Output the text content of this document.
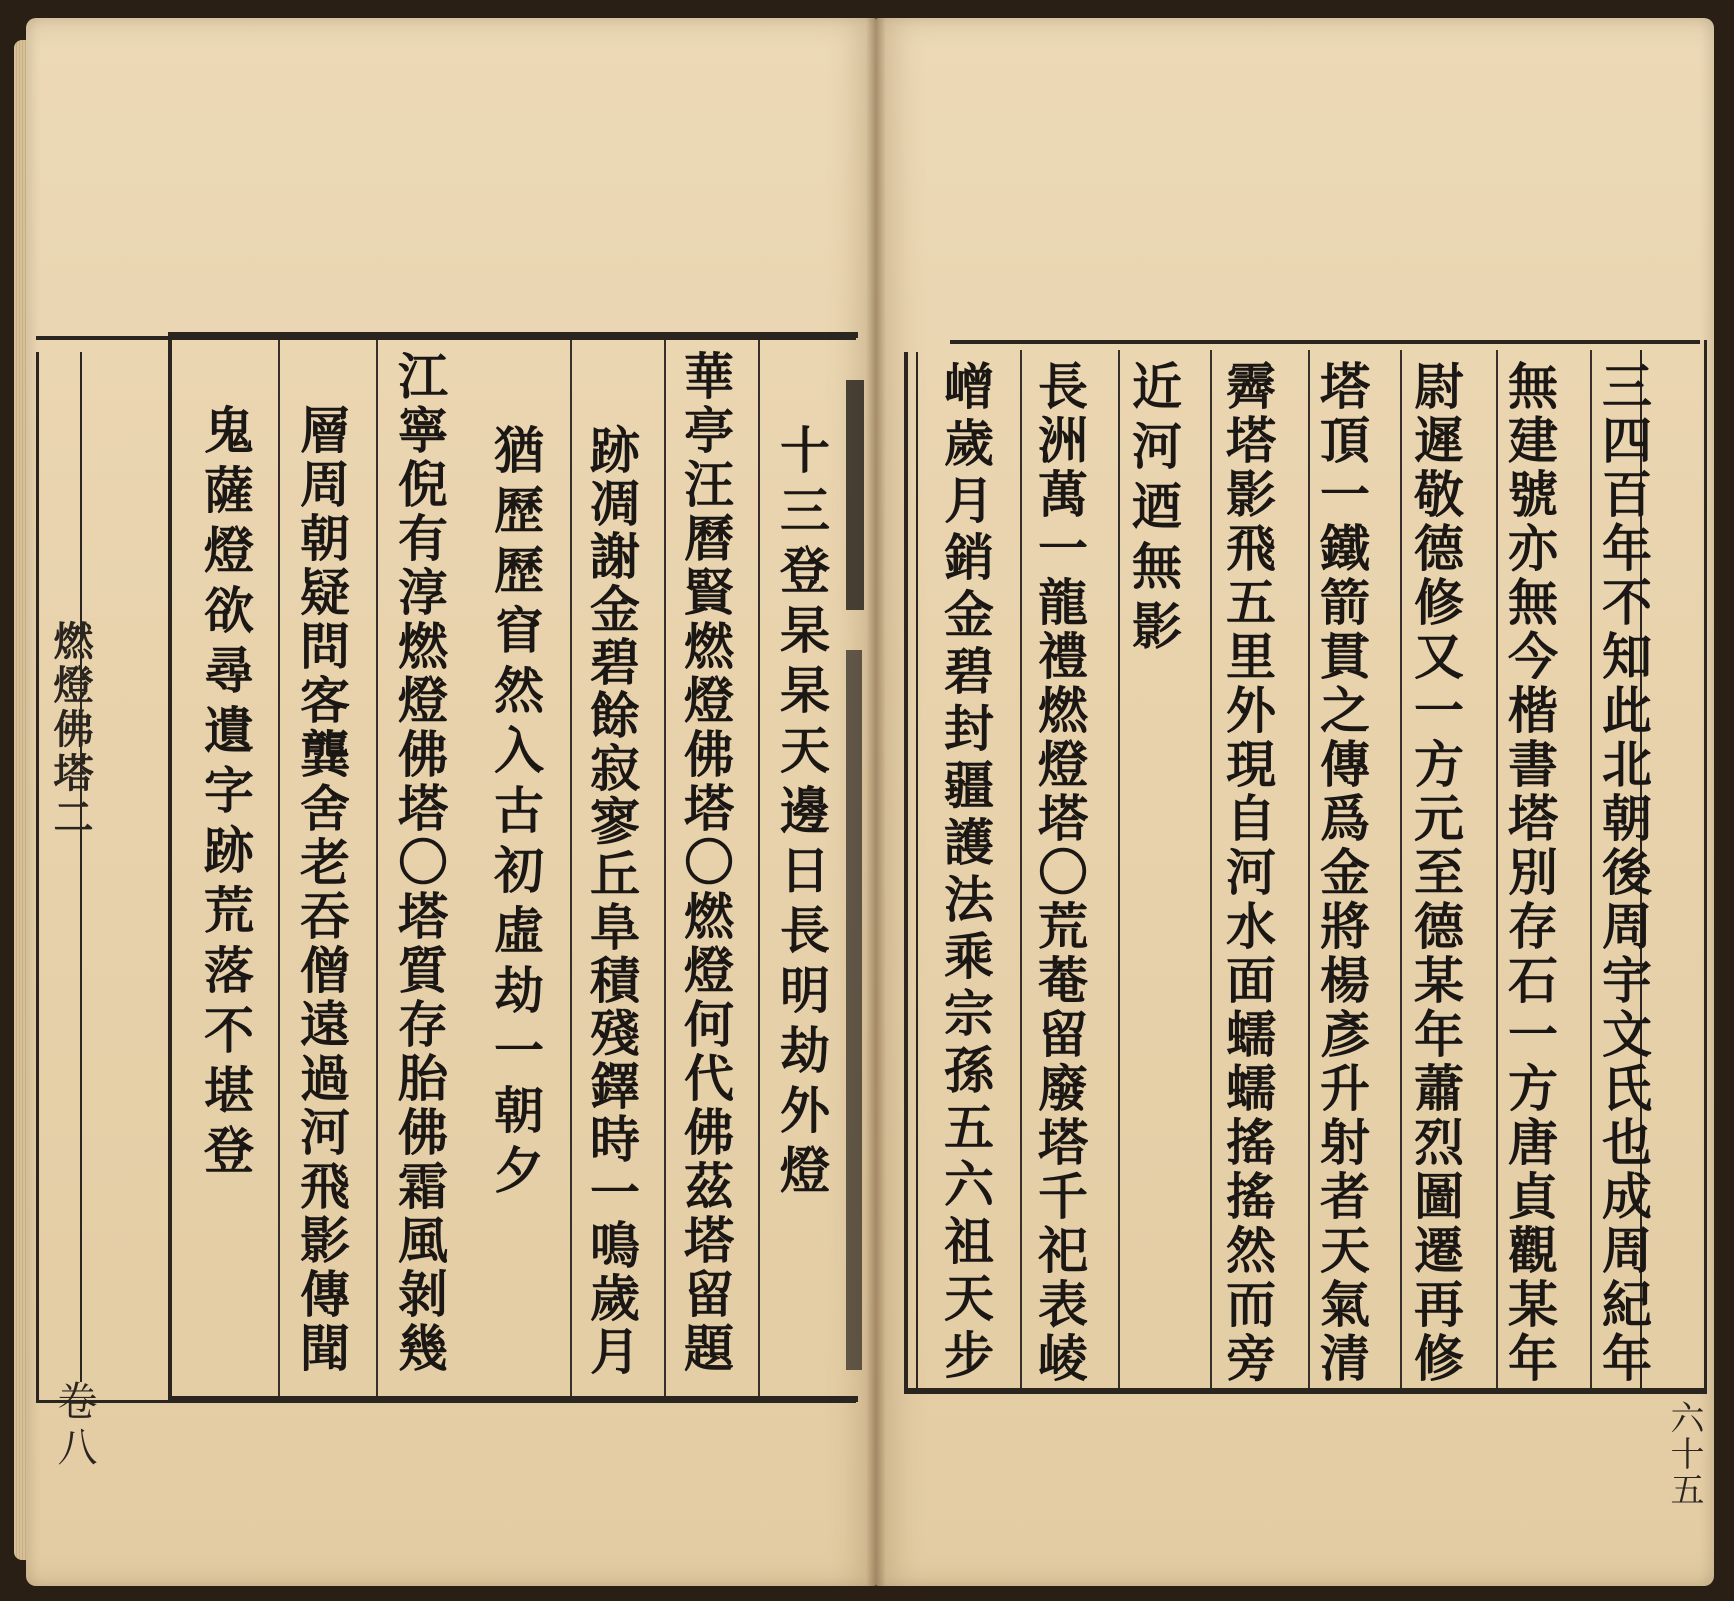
燃燈佛塔二
卷八	六十五
三四百年不知此北朝後周宇文氏也成周紀年
無建號亦無今楷書塔別存石一方唐貞觀某年
尉遲敬德修又一方元至德某年蕭烈圖遷再修
塔頂一鐵箭貫之傳爲金將楊彥升射者天氣清
霽塔影飛五里外現自河水面蠕蠕搖搖然而旁
近河迺無影
長洲萬一龍禮燃燈塔〇荒菴留廢塔千祀表崚
嶒歲月銷金碧封疆護法乘宗孫五六祖天步
十三登杲杲天邊日長明劫外燈
華亭汪曆賢燃燈佛塔〇燃燈何代佛茲塔留題
跡凋謝金碧餘寂寥丘阜積殘鐸時一鳴歲月
猶歷歷窅然入古初虛劫一朝夕
江寧倪有淳燃燈佛塔〇塔質存胎佛霜風剝幾
層周朝疑問客龔舍老吞僧遠過河飛影傳聞
鬼薩燈欲尋遺字跡荒落不堪登
